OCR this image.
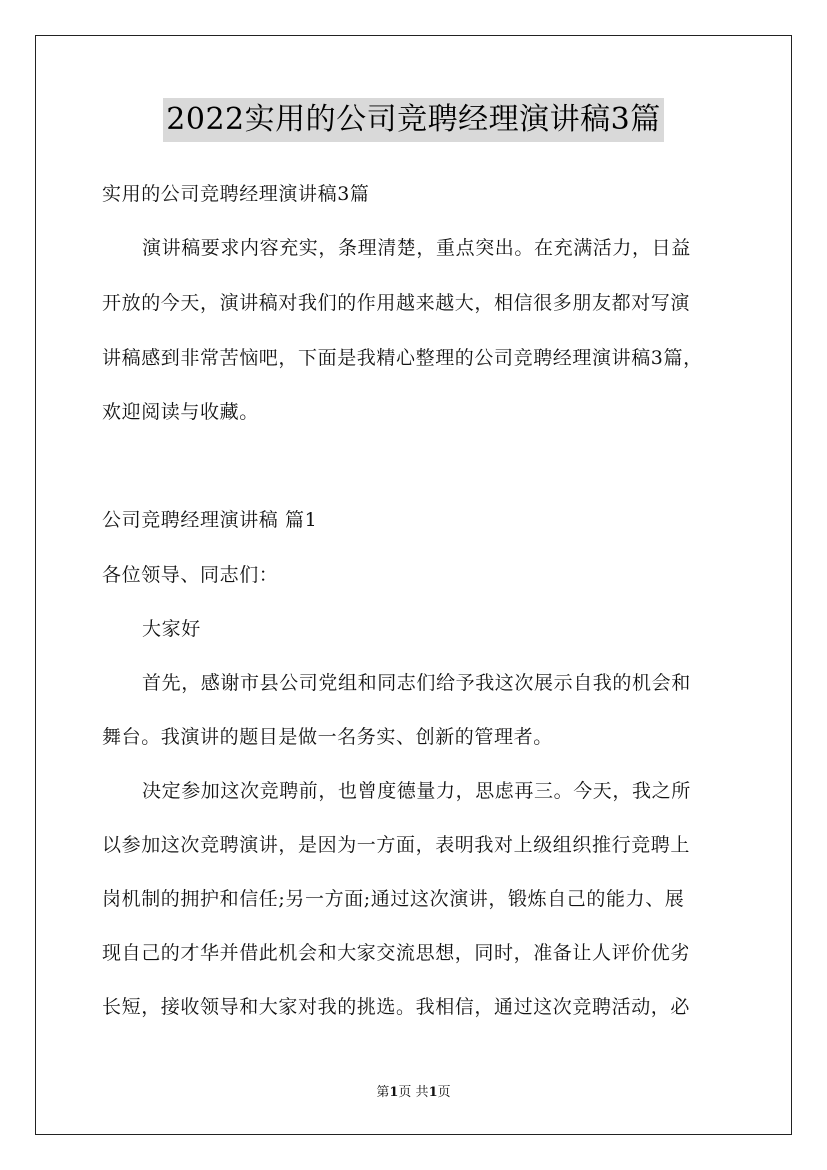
2022实用的公司竞聘经理演讲稿3篇
实用的公司竞聘经理演讲稿3篇
演讲稿要求内容充实，条理清楚，重点突出。在充满活力，日益
开放的今天，演讲稿对我们的作用越来越大，相信很多朋友都对写演
讲稿感到非常苦恼吧，下面是我精心整理的公司竞聘经理演讲稿3篇，
欢迎阅读与收藏。
公司竞聘经理演讲稿 篇1
各位领导、同志们：
大家好
首先，感谢市县公司党组和同志们给予我这次展示自我的机会和
舞台。我演讲的题目是做一名务实、创新的管理者。
决定参加这次竞聘前，也曾度德量力，思虑再三。今天，我之所
以参加这次竞聘演讲，是因为一方面，表明我对上级组织推行竞聘上
岗机制的拥护和信任;另一方面;通过这次演讲，锻炼自己的能力、展
现自己的才华并借此机会和大家交流思想，同时，准备让人评价优劣
长短，接收领导和大家对我的挑选。我相信，通过这次竞聘活动，必
第1页 共1页
